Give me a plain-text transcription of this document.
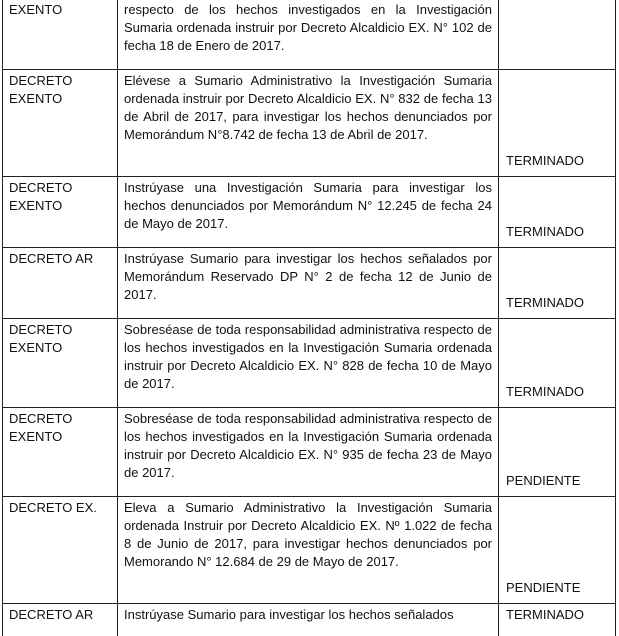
EXENTO	respecto de los hechos investigados en la Investigación Sumaria ordenada instruir por Decreto Alcaldicio EX. N° 102 de fecha 18 de Enero de 2017.	
DECRETO EXENTO	Elévese a Sumario Administrativo la Investigación Sumaria ordenada instruir por Decreto Alcaldicio EX. N° 832 de fecha 13 de Abril de 2017, para investigar los hechos denunciados por Memorándum N°8.742 de fecha 13 de Abril de 2017.	TERMINADO
DECRETO EXENTO	Instrúyase una Investigación Sumaria para investigar los hechos denunciados por Memorándum N° 12.245 de fecha 24 de Mayo de 2017.	TERMINADO
DECRETO AR	Instrúyase Sumario para investigar los hechos señalados por Memorándum Reservado DP N° 2 de fecha 12 de Junio de 2017.	TERMINADO
DECRETO EXENTO	Sobreséase de toda responsabilidad administrativa respecto de los hechos investigados en la Investigación Sumaria ordenada instruir por Decreto Alcaldicio EX. N° 828 de fecha 10 de Mayo de 2017.	TERMINADO
DECRETO EXENTO	Sobreséase de toda responsabilidad administrativa respecto de los hechos investigados en la Investigación Sumaria ordenada instruir por Decreto Alcaldicio EX. N° 935 de fecha 23 de Mayo de 2017.	PENDIENTE
DECRETO EX.	Eleva a Sumario Administrativo la Investigación Sumaria ordenada Instruir por Decreto Alcaldicio EX. Nº 1.022 de fecha 8 de Junio de 2017, para investigar hechos denunciados por Memorando N° 12.684 de 29 de Mayo de 2017.	PENDIENTE
DECRETO AR	Instrúyase Sumario para investigar los hechos señalados	TERMINADO
